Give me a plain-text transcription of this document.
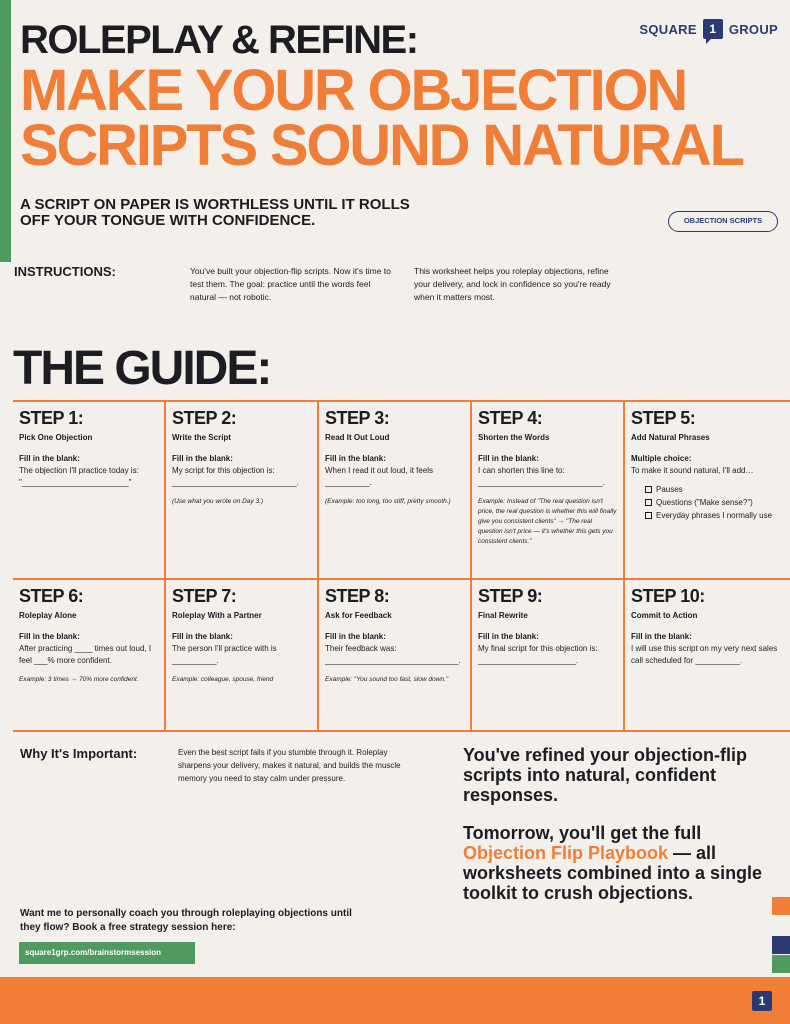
SQUARE	1 GROUP
ROLEPLAY & REFINE:
MAKE YOUR OBJECTION SCRIPTS SOUND NATURAL
A SCRIPT ON PAPER IS WORTHLESS UNTIL IT ROLLS OFF YOUR TONGUE WITH CONFIDENCE.	OBJECTION SCRIPTS
INSTRUCTIONS:	You've built your objection-flip scripts. Now it's time to test them. The goal: practice until the words feel natural — not robotic.
This worksheet helps you roleplay objections, refine your delivery, and lock in confidence so you're ready when it matters most.
THE GUIDE:
STEP 1:
Pick One Objection
Fill in the blank:
The objection I'll practice today is: "________________________"
STEP 2:
Write the Script
Fill in the blank:
My script for this objection is: ____________________________.
(Use what you wrote on Day 3.)
STEP 3:
Read It Out Loud
Fill in the blank:
When I read it out loud, it feels __________.
(Example: too long, too stiff, pretty smooth.)
STEP 4:
Shorten the Words
Fill in the blank:
I can shorten this line to: ____________________________.
Example: Instead of "The real question isn't price, the real question is whether this will finally give you consistent clients" → "The real question isn't price — it's whether this gets you consistent clients."
STEP 5:
Add Natural Phrases
Multiple choice:
To make it sound natural, I'll add…
Pauses
Questions ("Make sense?")
Everyday phrases I normally use
STEP 6:
Roleplay Alone
Fill in the blank:
After practicing ____ times out loud, I feel ___% more confident.
Example: 3 times → 70% more confident.
STEP 7:
Roleplay With a Partner
Fill in the blank:
The person I'll practice with is __________.
Example: colleague, spouse, friend
STEP 8:
Ask for Feedback
Fill in the blank:
Their feedback was: ______________________________.
Example: "You sound too fast, slow down."
STEP 9:
Final Rewrite
Fill in the blank:
My final script for this objection is: ______________________.
STEP 10:
Commit to Action
Fill in the blank:
I will use this script on my very next sales call scheduled for __________.
Why It's Important:	Even the best script fails if you stumble through it. Roleplay sharpens your delivery, makes it natural, and builds the muscle memory you need to stay calm under pressure.
You've refined your objection-flip scripts into natural, confident responses.
Tomorrow, you'll get the full Objection Flip Playbook — all worksheets combined into a single toolkit to crush objections.
Want me to personally coach you through roleplaying objections until they flow? Book a free strategy session here:
square1grp.com/brainstormsession
1
